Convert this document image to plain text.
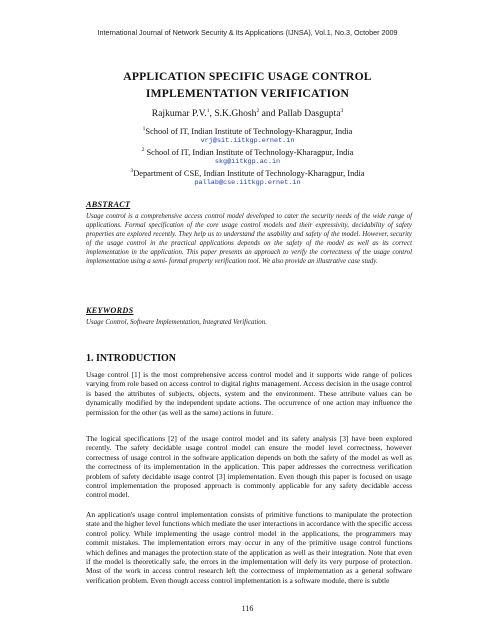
International Journal of Network Security & Its Applications (IJNSA), Vol.1, No.3, October 2009
APPLICATION SPECIFIC USAGE CONTROL
IMPLEMENTATION VERIFICATION
Rajkumar P.V.$^1$, S.K.Ghosh$^2$ and Pallab Dasgupta$^3$
$^1$School of IT, Indian Institute of Technology-Kharagpur, India
vrj@sit.iitkgp.ernet.in
$^2$ School of IT, Indian Institute of Technology-Kharagpur, India
skg@iitkgp.ac.in
$^3$Department of CSE, Indian Institute of Technology-Kharagpur, India
pallab@cse.iitkgp.ernet.in
ABSTRACT
Usage control is a comprehensive access control model developed to cater the security needs of the wide range of applications. Formal specification of the core usage control models and their expressivity, decidability of safety properties are explored recently. They help us to understand the usability and safety of the model. However, security of the usage control in the practical applications depends on the safety of the model as well as its correct implementation in the application. This paper presents an approach to verify the correctness of the usage control implementation using a semi- formal property verification tool. We also provide an illustrative case study.
KEYWORDS
Usage Control, Software Implementation, Integrated Verification.
1. INTRODUCTION
Usage control [1] is the most comprehensive access control model and it supports wide range of polices varying from role based on access control to digital rights management. Access decision in the usage control is based the attributes of subjects, objects, system and the environment. These attribute values can be dynamically modified by the independent update actions. The occurrence of one action may influence the permission for the other (as well as the same) actions in future.
The logical specifications [2] of the usage control model and its safety analysis [3] have been explored recently. The safety decidable usage control model can ensure the model level correctness, however correctness of usage control in the software application depends on both the safety of the model as well as the correctness of its implementation in the application. This paper addresses the correctness verification problem of safety decidable usage control [3] implementation. Even though this paper is focused on usage control implementation the proposed approach is commonly applicable for any safety decidable access control model.
An application's usage control implementation consists of primitive functions to manipulate the protection state and the higher level functions which mediate the user interactions in accordance with the specific access control policy. While implementing the usage control model in the applications, the programmers may commit mistakes. The implementation errors may occur in any of the primitive usage control functions which defines and manages the protection state of the application as well as their integration. Note that even if the model is theoretically safe, the errors in the implementation will defy its very purpose of protection. Most of the work in access control research left the correctness of implementation as a general software verification problem. Even though access control implementation is a software module, there is subtle
116
